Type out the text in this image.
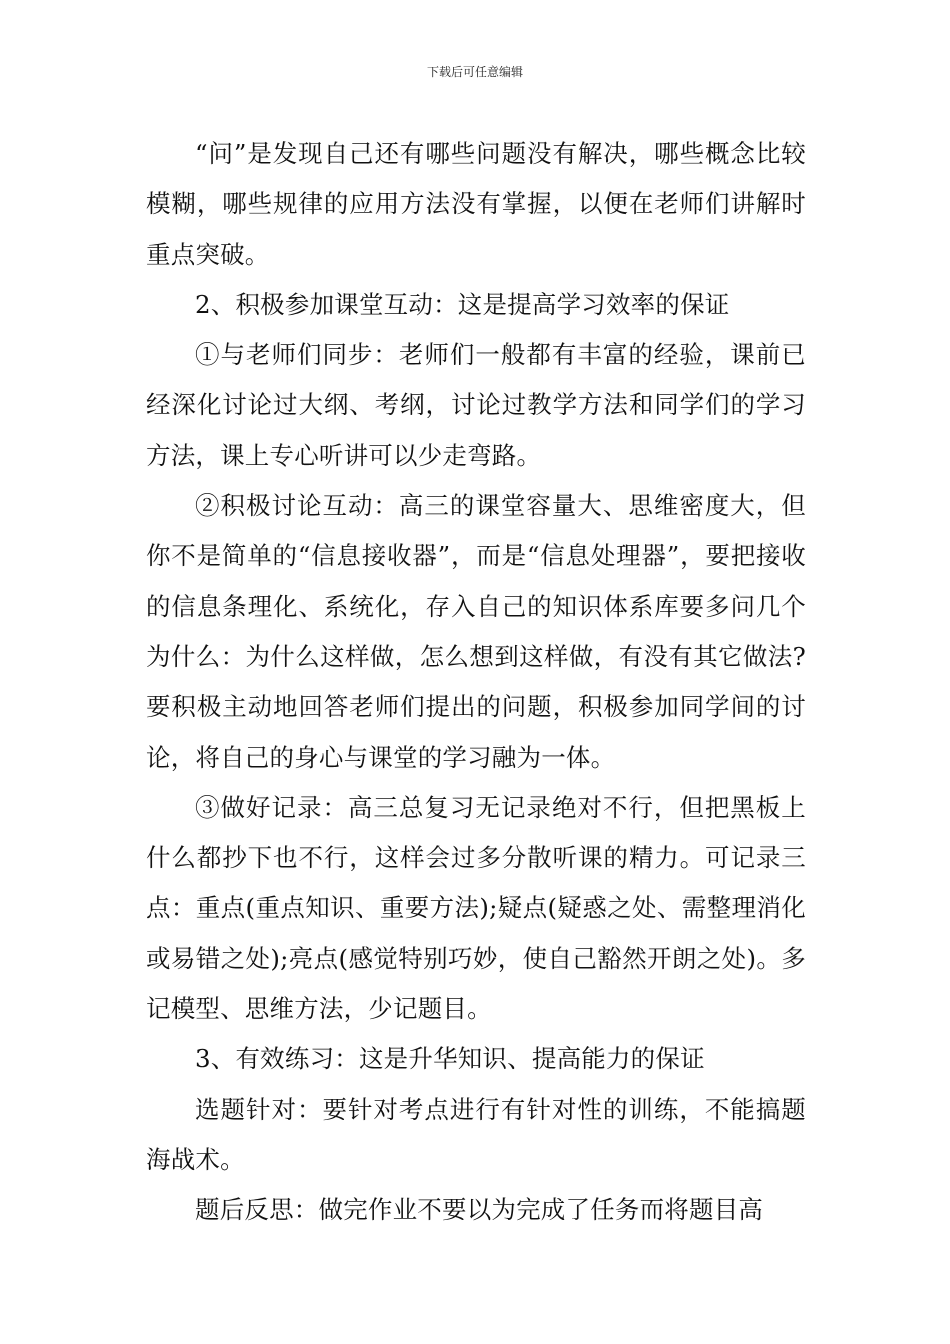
下载后可任意编辑

“问”是发现自己还有哪些问题没有解决，哪些概念比较模糊，哪些规律的应用方法没有掌握，以便在老师们讲解时重点突破。

2、积极参加课堂互动：这是提高学习效率的保证

①与老师们同步：老师们一般都有丰富的经验，课前已经深化讨论过大纲、考纲，讨论过教学方法和同学们的学习方法，课上专心听讲可以少走弯路。

②积极讨论互动：高三的课堂容量大、思维密度大，但你不是简单的“信息接收器”，而是“信息处理器”，要把接收的信息条理化、系统化，存入自己的知识体系库要多问几个为什么：为什么这样做，怎么想到这样做，有没有其它做法?要积极主动地回答老师们提出的问题，积极参加同学间的讨论，将自己的身心与课堂的学习融为一体。

③做好记录：高三总复习无记录绝对不行，但把黑板上什么都抄下也不行，这样会过多分散听课的精力。可记录三点：重点(重点知识、重要方法);疑点(疑惑之处、需整理消化或易错之处);亮点(感觉特别巧妙，使自己豁然开朗之处)。多记模型、思维方法，少记题目。

3、有效练习：这是升华知识、提高能力的保证

选题针对：要针对考点进行有针对性的训练，不能搞题海战术。

题后反思：做完作业不要以为完成了任务而将题目高
